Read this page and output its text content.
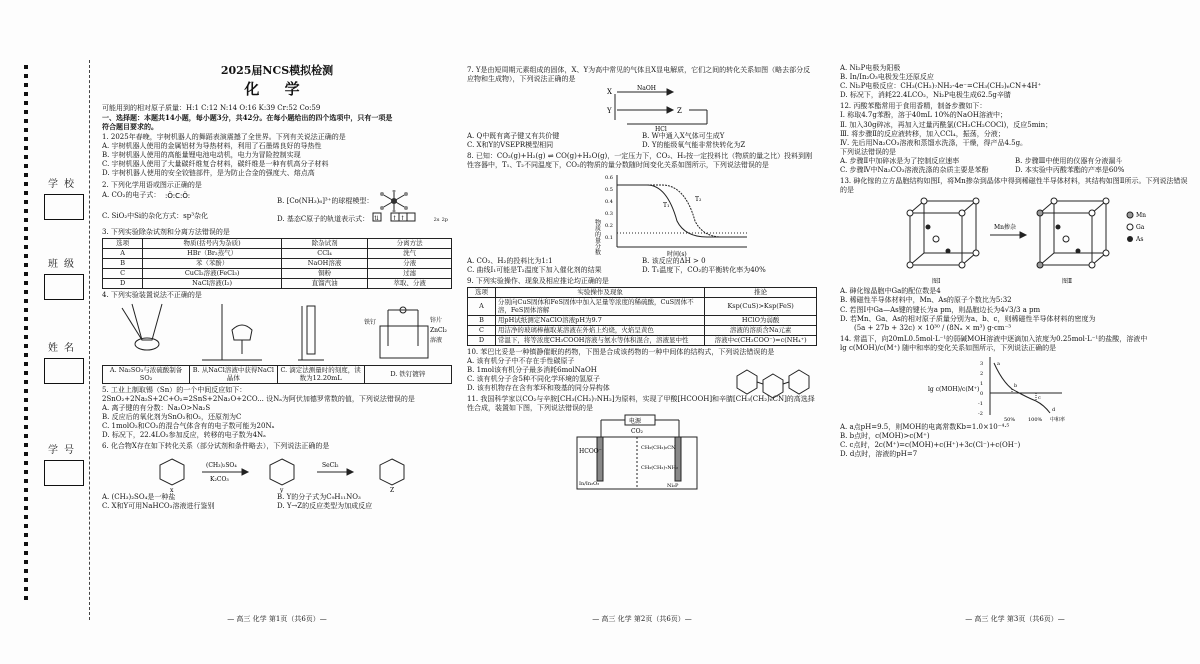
学校
班级
姓名
学号
2025届NCS模拟检测
化 学
可能用到的相对原子质量：H:1 C:12 N:14 O:16 K:39 Cr:52 Co:59
一、选择题：本题共14小题，每小题3分，共42分。在每小题给出的四个选项中，只有一项是
符合题目要求的。
1. 2025年春晚，宇树机器人的舞蹈表演震撼了全世界。下列有关说法正确的是
A. 宇树机器人使用的金属铝材为导热材料，利用了石墨烯良好的导热性
B. 宇树机器人使用的高能量锂电池电动机，电力为冒险控制实现
C. 宇树机器人使用了大量碳纤维复合材料，碳纤维是一种有机高分子材料
D. 宇树机器人使用的安全铰链部件，是为防止合金的强度大、熔点高
2. 下列化学用语或图示正确的是
A. CO₂的电子式： :Ö:C:Ö:
B. [Co(NH₃)₆]³⁺的球棍模型：
C. SiO₂中Si的杂化方式：sp³杂化	D. 基态C原子的轨道表示式： ⇅ ↑ ↑	2s 2p
3. 下列实验除杂试剂和分离方法错误的是
选项	物质(括号内为杂质)	除杂试剂	分离方法
A	HBr（Br₂蒸气）	CCl₄	洗气
B	苯（苯酚）	NaOH溶液	分液
C	CuCl₂溶液(FeCl₃)	铜粉	过滤
D	NaCl溶液(I₂)	直馏汽油	萃取、分液
4. 下列实验装置说法不正确的是
铁钉	锌片
ZnCl₂
溶液
A. Na₂SO₃与浓硫酸制备SO₂	B. 从NaCl溶液中获得NaCl晶体	C. 滴定法测量时的刻度，读数为12.20mL	D. 铁钉镀锌
5. 工业上制取锡（Sn）的一个中间反应如下：
2SnO₂+2Na₂S+2C+O₂=2SnS+2Na₂O+2CO... 设Nₐ为阿伏加德罗常数的值，下列说法错误的是
A. 离子键的有分数：Na₂O>Na₂S
B. 反应后的氧化剂为SnO₂和O₂，还原剂为C
C. 1molO₂和CO₂的混合气体含有的电子数可能为20Nₐ
D. 标况下，22.4LO₂参加反应，转移的电子数为4Nₐ
6. 化合物X存在如下转化关系（部分试剂和条件略去），下列说法正确的是
(CH₃)₂SO₄
K₂CO₃
SeCl₂
x	y	Z
A. (CH₃)₂SO₄是一种盐	B. Y的分子式为C₉H₁₁NO₃
C. X和Y可用NaHCO₃溶液进行鉴别	D. Y→Z的反应类型为加成反应
— 高三 化学 第1页（共6页）—
7. Y是由短周期元素组成的固体，X、Y为高中常见的气体且X显电解质，它们之间的转化关系如图（略去部分反应物和生成物），下列说法正确的是
X	NaOH
Y	Z
HCl
A. Q中既有离子键又有共价键	B. W中通入X气体可生成Y
C. X和Y的VSEPR模型相同	D. Y的能级氧气能非常快转化为Z
8. 已知：CO₂(g)+H₂(g) ⇌ CO(g)+H₂O(g)，一定压力下，CO₂、H₂按一定投料比（物质的量之比）投料到刚性容器中，T₁、T₂不同温度下，CO₂的物质的量分数随时间变化关系如图所示，下列说法错误的是
物质的量分数
0.6
0.5
0.4
0.3
0.2
0.1
T₁
T₂
时间(s)
A. CO₂、H₂的投料比为1:1	B. 该反应的ΔH > 0
C. 曲线I₁可能是T₂温度下加入催化剂的结果	D. T₁温度下，CO₂的平衡转化率为40%
9. 下列实验操作、现象及相应推论均正确的是
选项	实验操作及现象	推论
A	分别向CuS固体和FeS固体中加入足量等浓度的稀硫酸，CuS固体不溶，FeS固体溶解	Ksp(CuS)>Ksp(FeS)
B	用pH试纸测定NaClO溶液pH为9.7	HClO为弱酸
C	用洁净的玻璃棒蘸取某溶液在外焰上灼烧，火焰呈黄色	溶液的溶质含Na元素
D	常温下，将等浓度CH₃COOH溶液与氨水等体积混合，溶液显中性	溶液中c(CH₃COO⁻)=c(NH₄⁺)
10. 苯巴比妥是一种镇静催眠的药物，下图是合成该药物的一种中间体的结构式，下列说法错误的是
A. 该有机分子中不存在手性碳原子
B. 1mol该有机分子最多消耗6molNaOH
C. 该有机分子含5种不同化学环境的氢原子
D. 该有机物存在含有苯环和羧基的同分异构体
11. 我国科学家以CO₂与辛胺[CH₃(CH₂)₇NH₂]为原料，实现了甲酸[HCOOH]和辛腈[CH₃(CH₂)₆CN]的高选择性合成，装置如下图，下列说法错误的是
电源
CO₂
HCOO⁻
In/In₂O₃
CH₃(CH₂)₆CN
CH₃(CH₂)₇NH₂
Ni₂P
— 高三 化学 第2页（共6页）—
A. Ni₂P电极为阳极
B. In/In₂O₃电极发生还原反应
C. Ni₂P电极反应：CH₃(CH₂)₇NH₂-4e⁻=CH₃(CH₂)₆CN+4H⁺
D. 标况下，消耗22.4LCO₂，Ni₂P电极生成62.5g辛腈
12. 丙酸苯酯常用于食用香精，制备步骤如下：
Ⅰ. 称取4.7g苯酚，溶于40mL 10%的NaOH溶液中；
Ⅱ. 加入30g碎冰，再加入过量丙酰氯(CH₃CH₂COCl)，反应5min；
Ⅲ. 将步骤Ⅱ的反应液转移，加入CCl₄，振荡，分液；
Ⅳ. 先后用Na₂CO₃溶液和蒸馏水洗涤，干燥，得产品4.5g。
下列说法错误的是
A. 步骤Ⅱ中加碎冰是为了控制反应速率	B. 步骤Ⅲ中使用的仪器有分液漏斗
C. 步骤Ⅳ中Na₂CO₃溶液洗涤的杂质主要是苯酚	D. 本实验中丙酸苯酯的产率是60%
13. 砷化镓的立方晶胞结构如图Ⅰ，将Mn掺杂到晶体中得到稀磁性半导体材料，其结构如图Ⅱ所示。下列说法错误的是
Mn掺杂
Mn
Ga
As
图Ⅰ	图Ⅱ
A. 砷化镓晶胞中Ga的配位数是4
B. 稀磁性半导体材料中，Mn、As的原子个数比为5:32
C. 若图Ⅰ中Ga—As键的键长为a pm，则晶胞边长为4√3/3 a pm
D. 若Mn、Ga、As的相对原子质量分别为a、b、c，则稀磁性半导体材料的密度为
(5a + 27b + 32c) × 10³⁰ / (8Nₐ × m³) g·cm⁻³
14. 常温下，向20mL0.5mol·L⁻¹的弱碱MOH溶液中逐滴加入浓度为0.25mol·L⁻¹的盐酸，溶液中
lg c(MOH)/c(M⁺) 随中和率的变化关系如图所示，下列说法正确的是
lg c(MOH)/c(M⁺)
3
2
1
0
-1
-2
50%	100% 中和率
a
b
c
d
A. a点pH=9.5，则MOH的电离常数Kb=1.0×10⁻⁴·⁵
B. b点时，c(MOH)>c(M⁺)
C. c点时，2c(M⁺)=c(MOH)+c(H⁺)+3c(Cl⁻)+c(OH⁻)
D. d点时，溶液的pH=7
— 高三 化学 第3页（共6页）—
